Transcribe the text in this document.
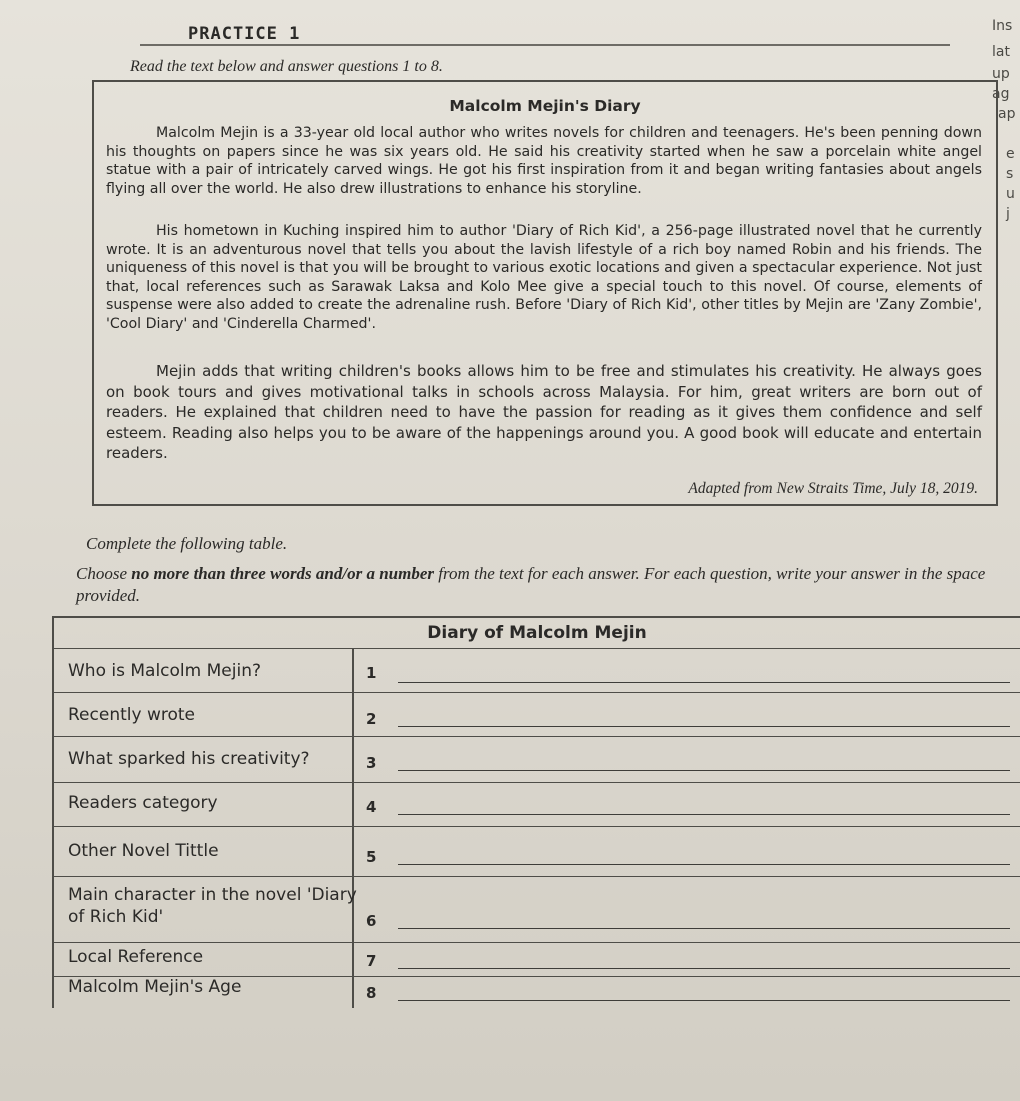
PRACTICE 1
Read the text below and answer questions 1 to 8.
Ins
lat
up
ag
ap
e
s
u
j
Malcolm Mejin's Diary

Malcolm Mejin is a 33-year old local author who writes novels for children and teenagers. He's been penning down his thoughts on papers since he was six years old. He said his creativity started when he saw a porcelain white angel statue with a pair of intricately carved wings. He got his first inspiration from it and began writing fantasies about angels flying all over the world. He also drew illustrations to enhance his storyline.

His hometown in Kuching inspired him to author 'Diary of Rich Kid', a 256-page illustrated novel that he currently wrote. It is an adventurous novel that tells you about the lavish lifestyle of a rich boy named Robin and his friends. The uniqueness of this novel is that you will be brought to various exotic locations and given a spectacular experience. Not just that, local references such as Sarawak Laksa and Kolo Mee give a special touch to this novel. Of course, elements of suspense were also added to create the adrenaline rush. Before 'Diary of Rich Kid', other titles by Mejin are 'Zany Zombie', 'Cool Diary' and 'Cinderella Charmed'.

Mejin adds that writing children's books allows him to be free and stimulates his creativity. He always goes on book tours and gives motivational talks in schools across Malaysia. For him, great writers are born out of readers. He explained that children need to have the passion for reading as it gives them confidence and self esteem. Reading also helps you to be aware of the happenings around you. A good book will educate and entertain readers.

Adapted from New Straits Time, July 18, 2019.
Complete the following table.
Choose no more than three words and/or a number from the text for each answer. For each question, write your answer in the space provided.
Diary of Malcolm Mejin
Who is Malcolm Mejin?	1
Recently wrote	2
What sparked his creativity?	3
Readers category	4
Other Novel Tittle	5
Main character in the novel 'Diary of Rich Kid'	6
Local Reference	7
Malcolm Mejin's Age	8
